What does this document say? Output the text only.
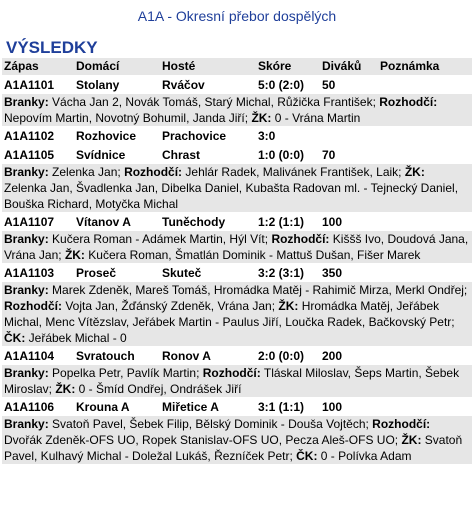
A1A - Okresní přebor dospělých
VÝSLEDKY
Zápas	Domácí	Hosté	Skóre	Diváků	Poznámka

A1A1101	Stolany	Rváčov	5:0 (2:0)	50	
Branky: Vácha Jan 2, Novák Tomáš, Starý Michal, Růžička František; Rozhodčí: Nepovím Martin, Novotný Bohumil, Janda Jiří; ŽK: 0 - Vrána Martin					

A1A1102	Rozhovice	Prachovice	3:0		

A1A1105	Svídnice	Chrast	1:0 (0:0)	70	
Branky: Zelenka Jan; Rozhodčí: Jehlár Radek, Malivánek František, Laik; ŽK: Zelenka Jan, Švadlenka Jan, Dibelka Daniel, Kubašta Radovan ml. - Tejnecký Daniel, Bouška Richard, Motyčka Michal					

A1A1107	Vítanov A	Tuněchody	1:2 (1:1)	100	
Branky: Kučera Roman - Adámek Martin, Hýl Vít; Rozhodčí: Kiššš Ivo, Doudová Jana, Vrána Jan; ŽK: Kučera Roman, Šmatlán Dominik - Mattuš Dušan, Fišer Marek					

A1A1103	Proseč	Skuteč	3:2 (3:1)	350	
Branky: Marek Zdeněk, Mareš Tomáš, Hromádka Matěj - Rahimič Mirza, Merkl Ondřej; Rozhodčí: Vojta Jan, Žďánský Zdeněk, Vrána Jan; ŽK: Hromádka Matěj, Jeřábek Michal, Menc Vítězslav, Jeřábek Martin - Paulus Jiří, Loučka Radek, Bačkovský Petr; ČK: Jeřábek Michal - 0					

A1A1104	Svratouch	Ronov A	2:0 (0:0)	200	
Branky: Popelka Petr, Pavlík Martin; Rozhodčí: Tláskal Miloslav, Šeps Martin, Šebek Miroslav; ŽK: 0 - Šmíd Ondřej, Ondrášek Jiří					

A1A1106	Krouna A	Miřetice A	3:1 (1:1)	100	
Branky: Svatoň Pavel, Šebek Filip, Bělský Dominik - Douša Vojtěch; Rozhodčí: Dvořák Zdeněk-OFS UO, Ropek Stanislav-OFS UO, Pecza Aleš-OFS UO; ŽK: Svatoň Pavel, Kulhavý Michal - Doležal Lukáš, Řezníček Petr; ČK: 0 - Polívka Adam					
